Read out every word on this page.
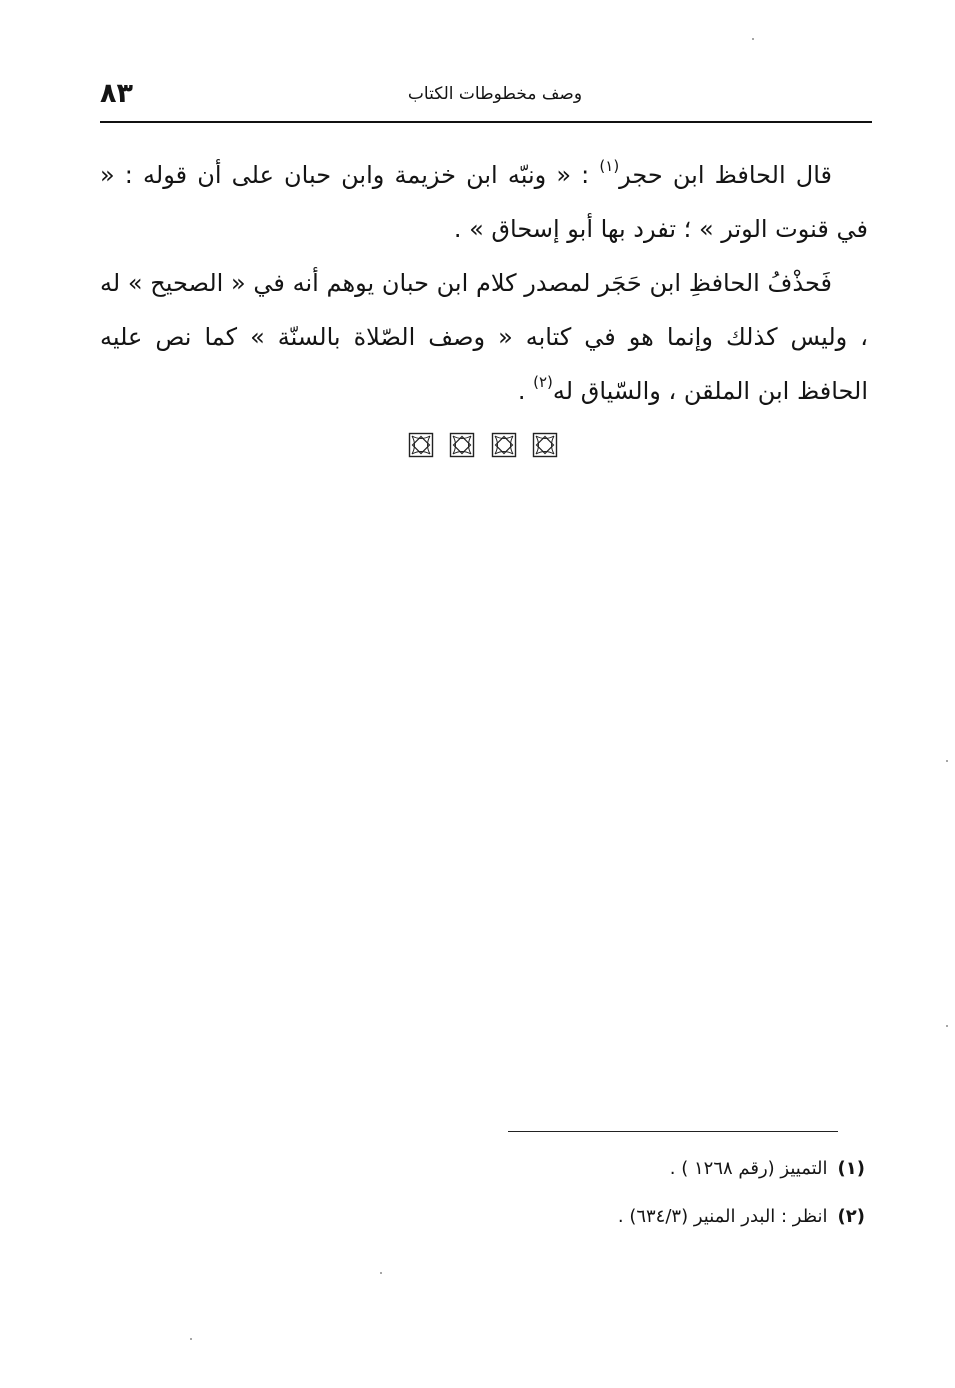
٨٣	وصف مخطوطات الكتاب

قال الحافظ ابن حجر$^{(١)}$ : « ونبّه ابن خزيمة وابن حبان على أن قوله : « في قنوت الوتر » ؛ تفرد بها أبو إسحاق » .

فَحذْفُ الحافظِ ابن حَجَر لمصدر كلام ابن حبان يوهم أنه في « الصحيح » له ، وليس كذلك وإنما هو في كتابه « وصف الصّلاة بالسنّة » كما نص عليه الحافظ ابن الملقن ، والسّياق له$^{(٢)}$ .

(١)
التمييز (رقم ١٢٦٨ ) .
(٢)
انظر : البدر المنير (٦٣٤/٣) .
